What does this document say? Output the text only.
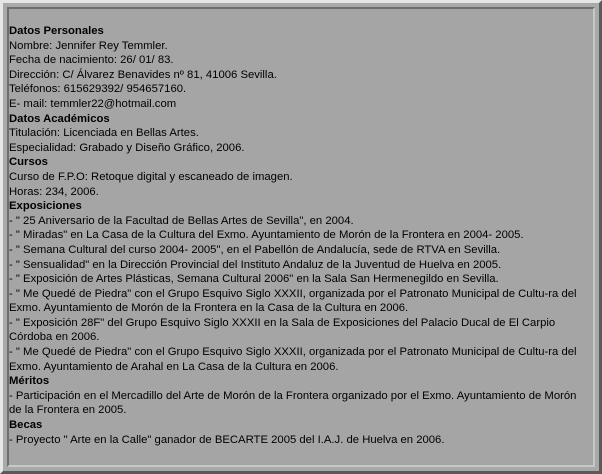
Datos Personales
Nombre: Jennifer Rey Temmler.
Fecha de nacimiento: 26/ 01/ 83.
Dirección: C/ Álvarez Benavides nº 81, 41006 Sevilla.
Teléfonos: 615629392/ 954657160.
E- mail: temmler22@hotmail.com
Datos Académicos
Titulación: Licenciada en Bellas Artes.
Especialidad: Grabado y Diseño Gráfico, 2006.
Cursos
Curso de F.P.O: Retoque digital y escaneado de imagen.
Horas: 234, 2006.
Exposiciones
- " 25 Aniversario de la Facultad de Bellas Artes de Sevilla", en 2004.
- " Miradas" en La Casa de la Cultura del Exmo. Ayuntamiento de Morón de la Frontera en 2004- 2005.
- " Semana Cultural del curso 2004- 2005", en el Pabellón de Andalucía, sede de RTVA en Sevilla.
- " Sensualidad" en la Dirección Provincial del Instituto Andaluz de la Juventud de Huelva en 2005.
- " Exposición de Artes Plásticas, Semana Cultural 2006" en la Sala San Hermenegildo en Sevilla.
- " Me Quedé de Piedra" con el Grupo Esquivo Siglo XXXII, organizada por el Patronato Municipal de Cultu-ra del Exmo. Ayuntamiento de Morón de la Frontera en la Casa de la Cultura en 2006.
- " Exposición 28F" del Grupo Esquivo Siglo XXXII en la Sala de Exposiciones del Palacio Ducal de El Carpio Córdoba en 2006.
- " Me Quedé de Piedra" con el Grupo Esquivo Siglo XXXII, organizada por el Patronato Municipal de Cultu-ra del Exmo. Ayuntamiento de Arahal en La Casa de la Cultura en 2006.
Méritos
- Participación en el Mercadillo del Arte de Morón de la Frontera organizado por el Exmo. Ayuntamiento de Morón de la Frontera en 2005.
Becas
- Proyecto " Arte en la Calle" ganador de BECARTE 2005 del I.A.J. de Huelva en 2006.
